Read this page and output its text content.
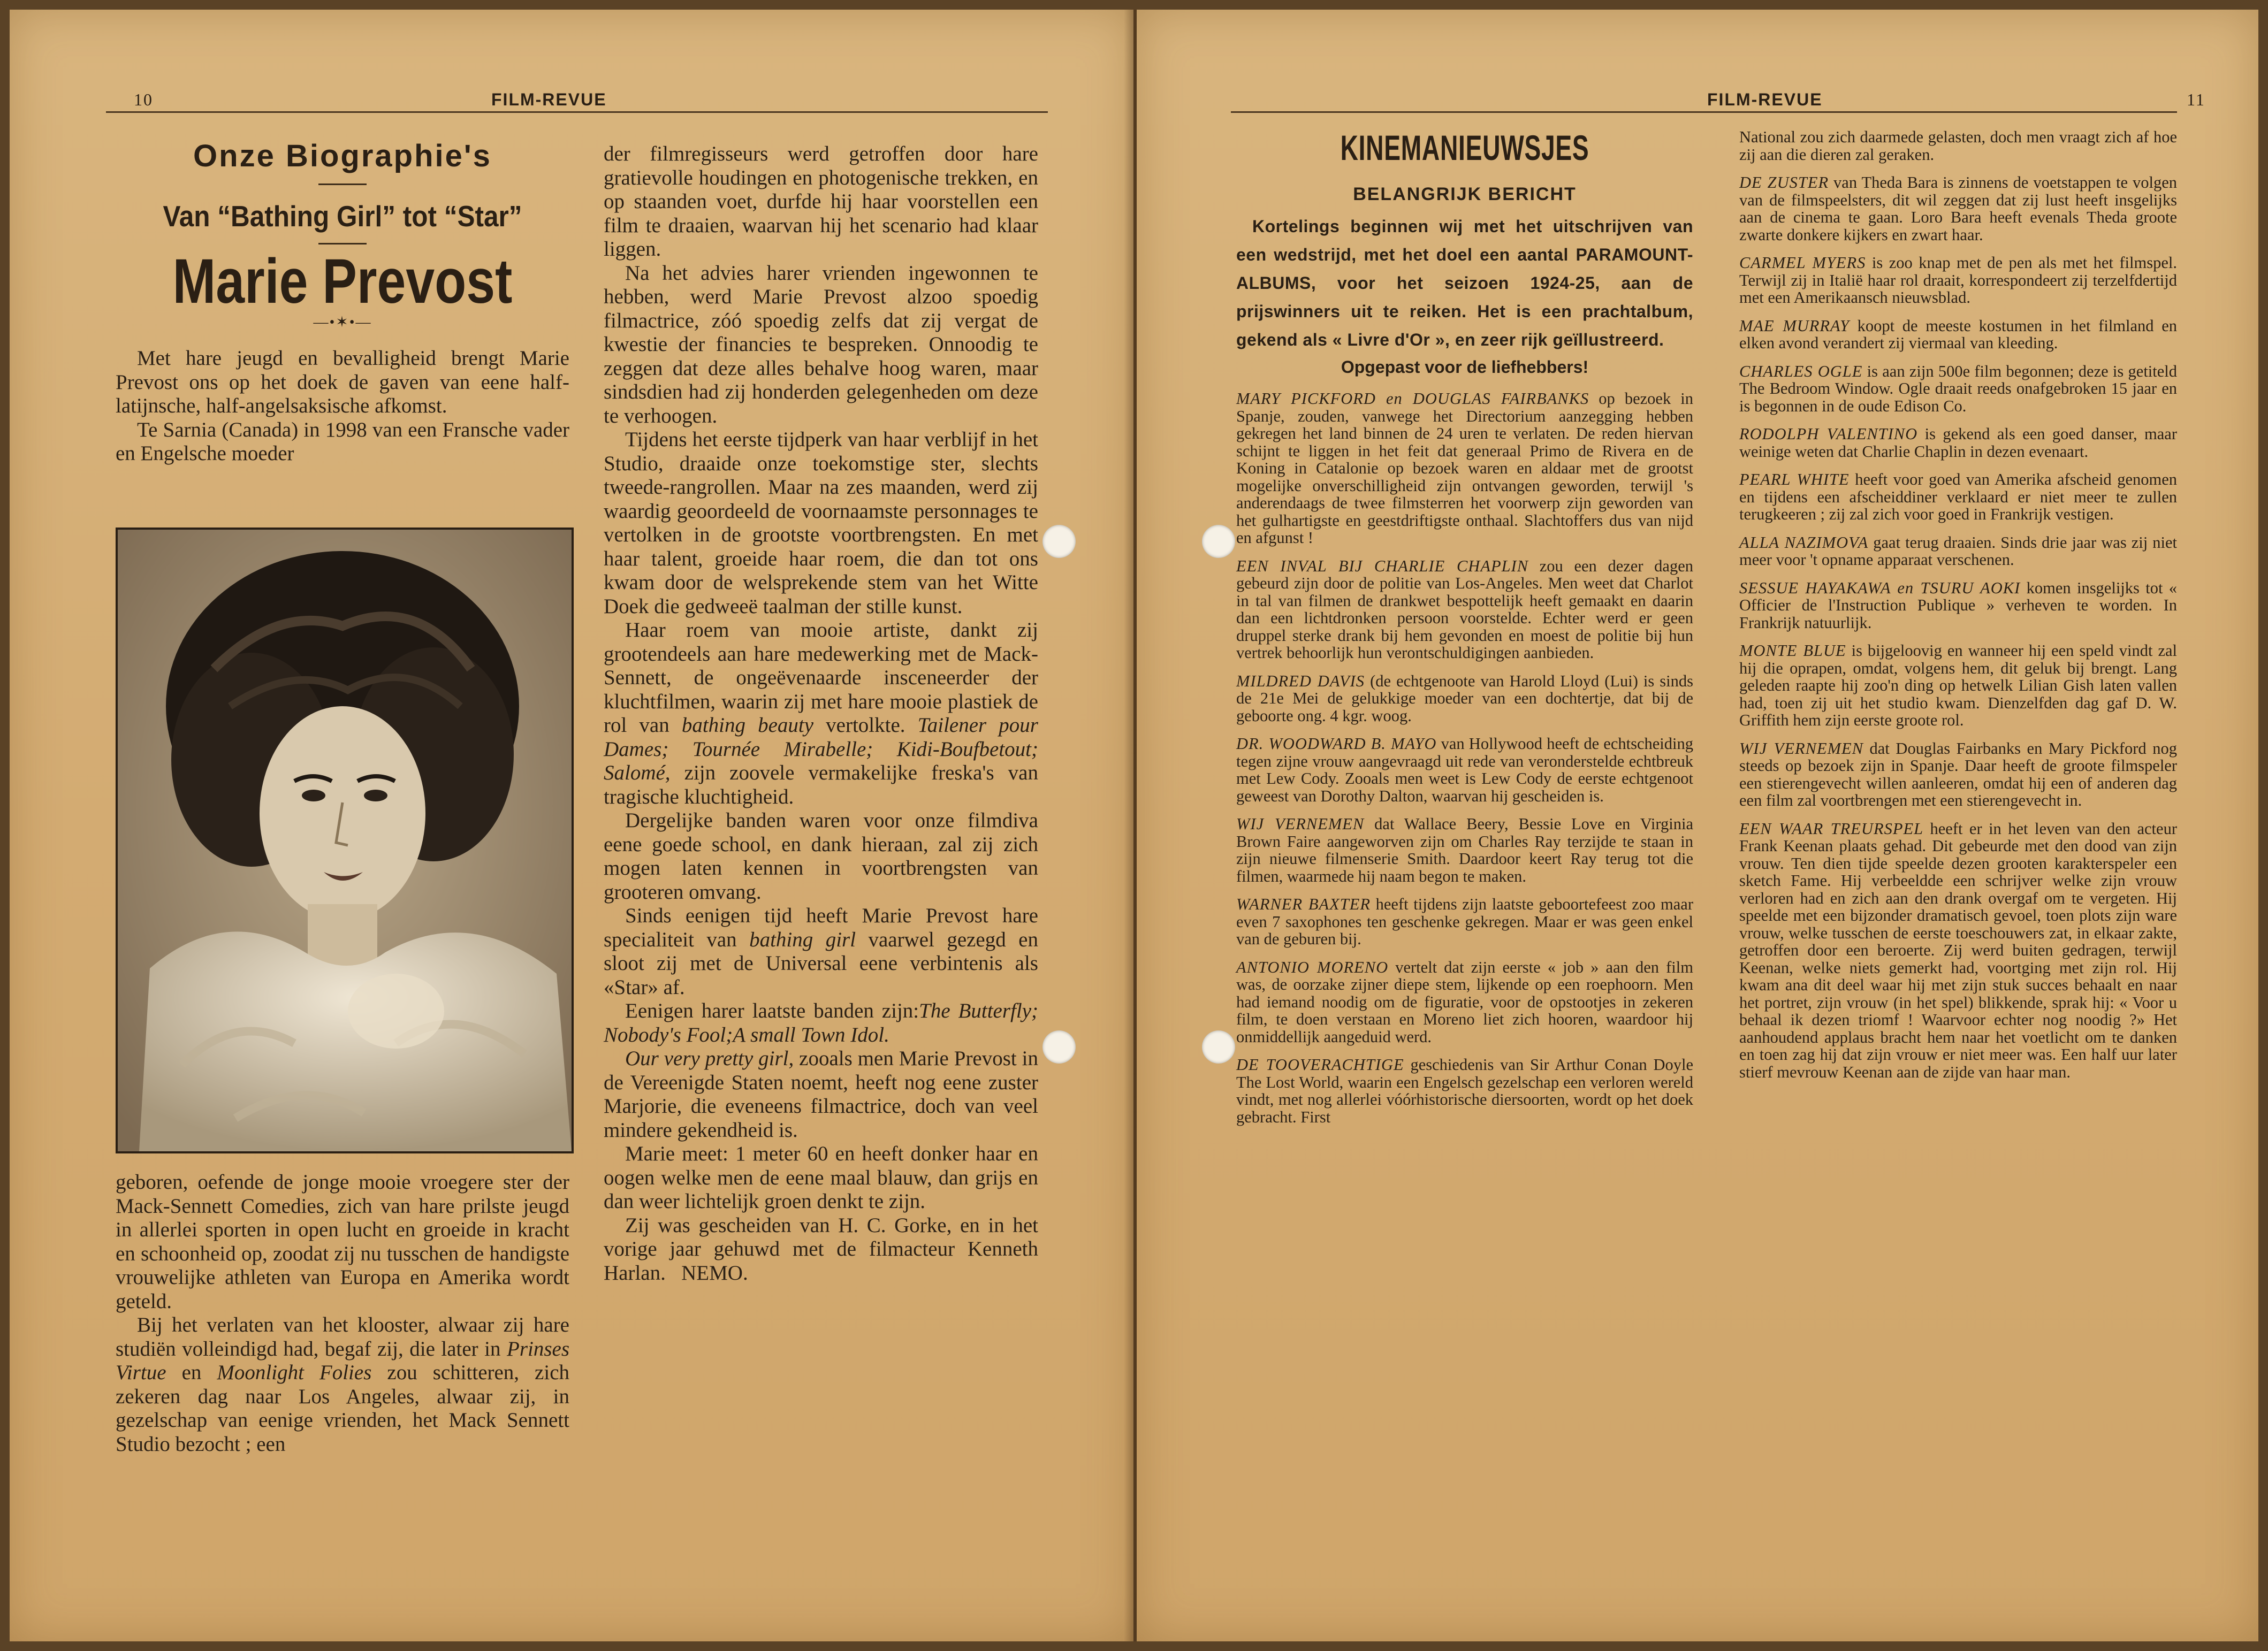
10	FILM-REVUE

Onze Biographie's

Van “Bathing Girl” tot “Star”

Marie Prevost

—•✶•—

Met hare jeugd en bevalligheid brengt Marie Prevost ons op het doek de gaven van eene half-latijnsche, half-angelsaksische afkomst.

Te Sarnia (Canada) in 1998 van een Fransche vader en Engelsche moeder

geboren, oefende de jonge mooie vroegere ster der Mack-Sennett Comedies, zich van hare prilste jeugd in allerlei sporten in open lucht en groeide in kracht en schoonheid op, zoodat zij nu tusschen de handigste vrouwelijke athleten van Europa en Amerika wordt geteld.

Bij het verlaten van het klooster, alwaar zij hare studiën volleindigd had, begaf zij, die later in Prinses Virtue en Moonlight Folies zou schitteren, zich zekeren dag naar Los Angeles, alwaar zij, in gezelschap van eenige vrienden, het Mack Sennett Studio bezocht ; een

der filmregisseurs werd getroffen door hare gratievolle houdingen en photogenische trekken, en op staanden voet, durfde hij haar voorstellen een film te draaien, waarvan hij het scenario had klaar liggen.

Na het advies harer vrienden ingewonnen te hebben, werd Marie Prevost alzoo spoedig filmactrice, zóó spoedig zelfs dat zij vergat de kwestie der financies te bespreken. Onnoodig te zeggen dat deze alles behalve hoog waren, maar sindsdien had zij honderden gelegenheden om deze te verhoogen.

Tijdens het eerste tijdperk van haar verblijf in het Studio, draaide onze toekomstige ster, slechts tweede-rangrollen. Maar na zes maanden, werd zij waardig geoordeeld de voornaamste personnages te vertolken in de grootste voortbrengsten. En met haar talent, groeide haar roem, die dan tot ons kwam door de welsprekende stem van het Witte Doek die gedweeë taalman der stille kunst.

Haar roem van mooie artiste, dankt zij grootendeels aan hare medewerking met de Mack-Sennett, de ongeëvenaarde insceneerder der kluchtfilmen, waarin zij met hare mooie plastiek de rol van bathing beauty vertolkte. Tailener pour Dames; Tournée Mirabelle; Kidi-Boufbetout; Salomé, zijn zoovele vermakelijke freska's van tragische kluchtigheid.

Dergelijke banden waren voor onze filmdiva eene goede school, en dank hieraan, zal zij zich mogen laten kennen in voortbrengsten van grooteren omvang.

Sinds eenigen tijd heeft Marie Prevost hare specialiteit van bathing girl vaarwel gezegd en sloot zij met de Universal eene verbintenis als «Star» af.

Eenigen harer laatste banden zijn:The Butterfly; Nobody's Fool;A small Town Idol.

Our very pretty girl, zooals men Marie Prevost in de Vereenigde Staten noemt, heeft nog eene zuster Marjorie, die eveneens filmactrice, doch van veel mindere gekendheid is.

Marie meet: 1 meter 60 en heeft donker haar en oogen welke men de eene maal blauw, dan grijs en dan weer lichtelijk groen denkt te zijn.

Zij was gescheiden van H. C. Gorke, en in het vorige jaar gehuwd met de filmacteur Kenneth Harlan. NEMO.

FILM-REVUE	11

KINEMANIEUWSJES

BELANGRIJK BERICHT

Kortelings beginnen wij met het uitschrijven van een wedstrijd, met het doel een aantal PARAMOUNT-ALBUMS, voor het seizoen 1924-25, aan de prijswinners uit te reiken. Het is een prachtalbum, gekend als « Livre d'Or », en zeer rijk geïllustreerd.

Opgepast voor de liefhebbers!

MARY PICKFORD en DOUGLAS FAIRBANKS op bezoek in Spanje, zouden, vanwege het Directorium aanzegging hebben gekregen het land binnen de 24 uren te verlaten. De reden hiervan schijnt te liggen in het feit dat generaal Primo de Rivera en de Koning in Catalonie op bezoek waren en aldaar met de grootst mogelijke onverschilligheid zijn ontvangen geworden, terwijl 's anderendaags de twee filmsterren het voorwerp zijn geworden van het gulhartigste en geestdriftigste onthaal. Slachtoffers dus van nijd en afgunst !

EEN INVAL BIJ CHARLIE CHAPLIN zou een dezer dagen gebeurd zijn door de politie van Los-Angeles. Men weet dat Charlot in tal van filmen de drankwet bespottelijk heeft gemaakt en daarin dan een lichtdronken persoon voorstelde. Echter werd er geen druppel sterke drank bij hem gevonden en moest de politie bij hun vertrek behoorlijk hun verontschuldigingen aanbieden.

MILDRED DAVIS (de echtgenoote van Harold Lloyd (Lui) is sinds de 21e Mei de gelukkige moeder van een dochtertje, dat bij de geboorte ong. 4 kgr. woog.

DR. WOODWARD B. MAYO van Hollywood heeft de echtscheiding tegen zijne vrouw aangevraagd uit rede van veronderstelde echtbreuk met Lew Cody. Zooals men weet is Lew Cody de eerste echtgenoot geweest van Dorothy Dalton, waarvan hij gescheiden is.

WIJ VERNEMEN dat Wallace Beery, Bessie Love en Virginia Brown Faire aangeworven zijn om Charles Ray terzijde te staan in zijn nieuwe filmenserie Smith. Daardoor keert Ray terug tot die filmen, waarmede hij naam begon te maken.

WARNER BAXTER heeft tijdens zijn laatste geboortefeest zoo maar even 7 saxophones ten geschenke gekregen. Maar er was geen enkel van de geburen bij.

ANTONIO MORENO vertelt dat zijn eerste « job » aan den film was, de oorzake zijner diepe stem, lijkende op een roephoorn. Men had iemand noodig om de figuratie, voor de opstootjes in zekeren film, te doen verstaan en Moreno liet zich hooren, waardoor hij onmiddellijk aangeduid werd.

DE TOOVERACHTIGE geschiedenis van Sir Arthur Conan Doyle The Lost World, waarin een Engelsch gezelschap een verloren wereld vindt, met nog allerlei vóórhistorische diersoorten, wordt op het doek gebracht. First

National zou zich daarmede gelasten, doch men vraagt zich af hoe zij aan die dieren zal geraken.

DE ZUSTER van Theda Bara is zinnens de voetstappen te volgen van de filmspeelsters, dit wil zeggen dat zij lust heeft insgelijks aan de cinema te gaan. Loro Bara heeft evenals Theda groote zwarte donkere kijkers en zwart haar.

CARMEL MYERS is zoo knap met de pen als met het filmspel. Terwijl zij in Italië haar rol draait, korrespondeert zij terzelfdertijd met een Amerikaansch nieuwsblad.

MAE MURRAY koopt de meeste kostumen in het filmland en elken avond verandert zij viermaal van kleeding.

CHARLES OGLE is aan zijn 500e film begonnen; deze is getiteld The Bedroom Window. Ogle draait reeds onafgebroken 15 jaar en is begonnen in de oude Edison Co.

RODOLPH VALENTINO is gekend als een goed danser, maar weinige weten dat Charlie Chaplin in dezen evenaart.

PEARL WHITE heeft voor goed van Amerika afscheid genomen en tijdens een afscheiddiner verklaard er niet meer te zullen terugkeeren ; zij zal zich voor goed in Frankrijk vestigen.

ALLA NAZIMOVA gaat terug draaien. Sinds drie jaar was zij niet meer voor 't opname apparaat verschenen.

SESSUE HAYAKAWA en TSURU AOKI komen insgelijks tot « Officier de l'Instruction Publique » verheven te worden. In Frankrijk natuurlijk.

MONTE BLUE is bijgeloovig en wanneer hij een speld vindt zal hij die oprapen, omdat, volgens hem, dit geluk bij brengt. Lang geleden raapte hij zoo'n ding op hetwelk Lilian Gish laten vallen had, toen zij uit het studio kwam. Dienzelfden dag gaf D. W. Griffith hem zijn eerste groote rol.

WIJ VERNEMEN dat Douglas Fairbanks en Mary Pickford nog steeds op bezoek zijn in Spanje. Daar heeft de groote filmspeler een stierengevecht willen aanleeren, omdat hij een of anderen dag een film zal voortbrengen met een stierengevecht in.

EEN WAAR TREURSPEL heeft er in het leven van den acteur Frank Keenan plaats gehad. Dit gebeurde met den dood van zijn vrouw. Ten dien tijde speelde dezen grooten karakterspeler een sketch Fame. Hij verbeeldde een schrijver welke zijn vrouw verloren had en zich aan den drank overgaf om te vergeten. Hij speelde met een bijzonder dramatisch gevoel, toen plots zijn ware vrouw, welke tusschen de eerste toeschouwers zat, in elkaar zakte, getroffen door een beroerte. Zij werd buiten gedragen, terwijl Keenan, welke niets gemerkt had, voortging met zijn rol. Hij kwam ana dit deel waar hij met zijn stuk succes behaalt en naar het portret, zijn vrouw (in het spel) blikkende, sprak hij: « Voor u behaal ik dezen triomf ! Waarvoor echter nog noodig ?» Het aanhoudend applaus bracht hem naar het voetlicht om te danken en toen zag hij dat zijn vrouw er niet meer was. Een half uur later stierf mevrouw Keenan aan de zijde van haar man.
